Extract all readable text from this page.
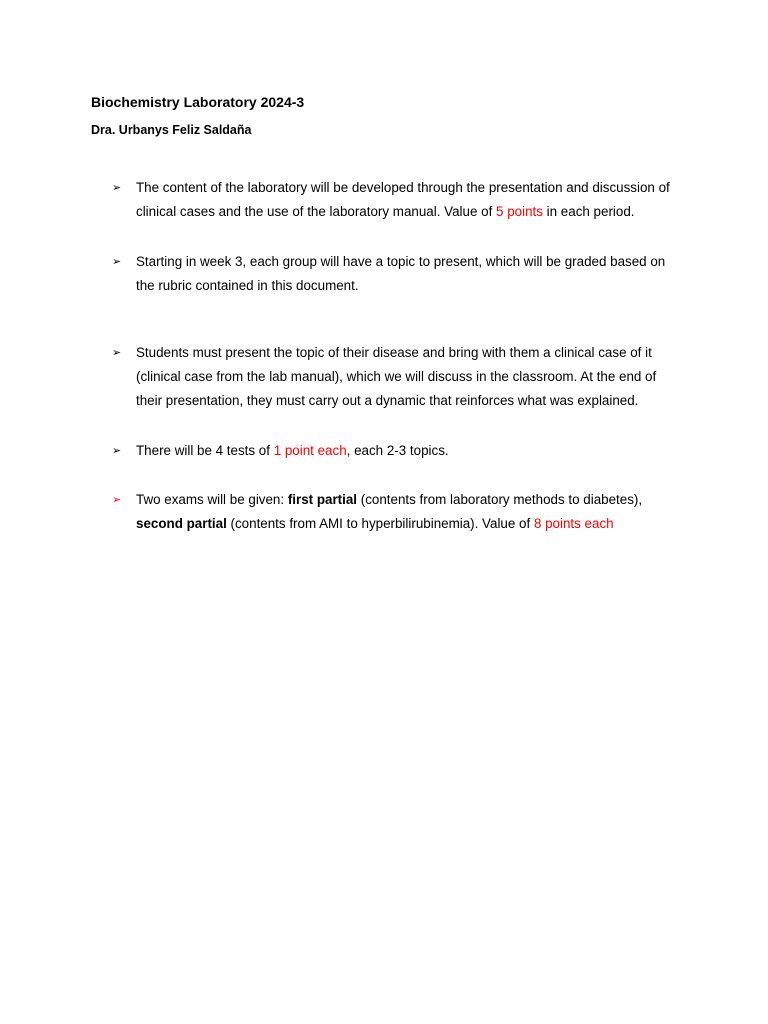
Biochemistry Laboratory 2024-3

Dra. Urbanys Feliz Saldaña

➢	The content of the laboratory will be developed through the presentation and discussion of clinical cases and the use of the laboratory manual. Value of 5 points in each period.
➢	Starting in week 3, each group will have a topic to present, which will be graded based on the rubric contained in this document.
➢	Students must present the topic of their disease and bring with them a clinical case of it (clinical case from the lab manual), which we will discuss in the classroom. At the end of their presentation, they must carry out a dynamic that reinforces what was explained.
➢	There will be 4 tests of 1 point each, each 2-3 topics.
➢	Two exams will be given: first partial (contents from laboratory methods to diabetes), second partial (contents from AMI to hyperbilirubinemia). Value of 8 points each
